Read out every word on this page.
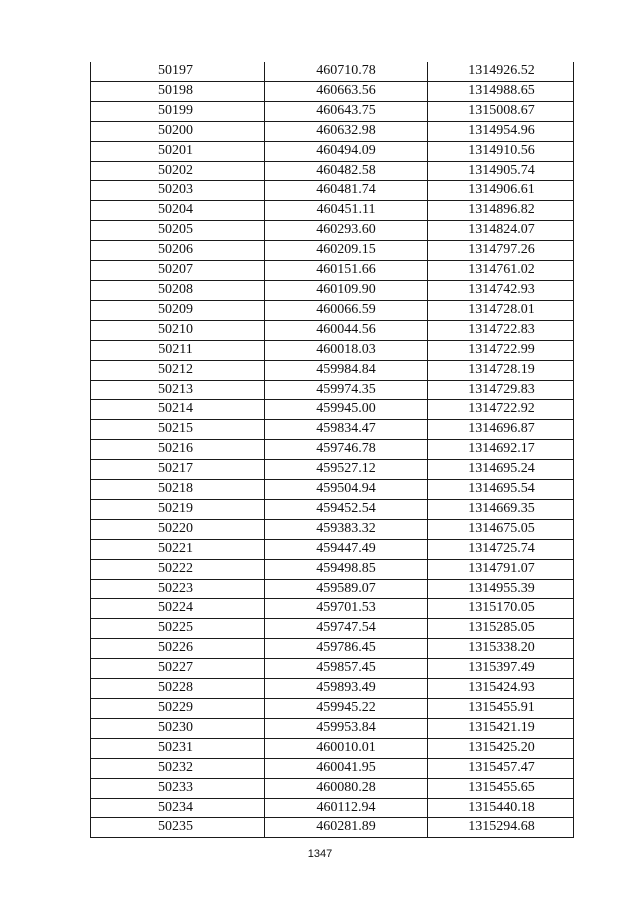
50197	460710.78	1314926.52
50198	460663.56	1314988.65
50199	460643.75	1315008.67
50200	460632.98	1314954.96
50201	460494.09	1314910.56
50202	460482.58	1314905.74
50203	460481.74	1314906.61
50204	460451.11	1314896.82
50205	460293.60	1314824.07
50206	460209.15	1314797.26
50207	460151.66	1314761.02
50208	460109.90	1314742.93
50209	460066.59	1314728.01
50210	460044.56	1314722.83
50211	460018.03	1314722.99
50212	459984.84	1314728.19
50213	459974.35	1314729.83
50214	459945.00	1314722.92
50215	459834.47	1314696.87
50216	459746.78	1314692.17
50217	459527.12	1314695.24
50218	459504.94	1314695.54
50219	459452.54	1314669.35
50220	459383.32	1314675.05
50221	459447.49	1314725.74
50222	459498.85	1314791.07
50223	459589.07	1314955.39
50224	459701.53	1315170.05
50225	459747.54	1315285.05
50226	459786.45	1315338.20
50227	459857.45	1315397.49
50228	459893.49	1315424.93
50229	459945.22	1315455.91
50230	459953.84	1315421.19
50231	460010.01	1315425.20
50232	460041.95	1315457.47
50233	460080.28	1315455.65
50234	460112.94	1315440.18
50235	460281.89	1315294.68
1347
